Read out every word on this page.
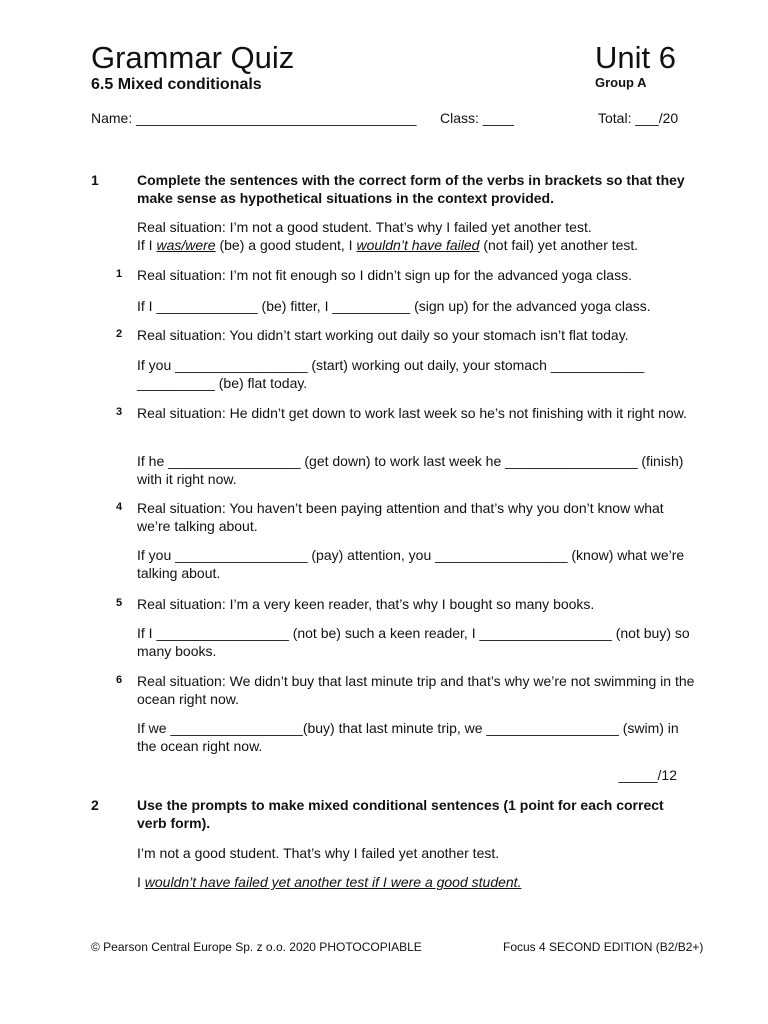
Grammar Quiz	Unit 6
6.5 Mixed conditionals	Group A
Name: ____________________________________ Class: ____	Total: ___/20
1	Complete the sentences with the correct form of the verbs in brackets so that they make sense as hypothetical situations in the context provided.
Real situation: I’m not a good student. That’s why I failed yet another test.
If I was/were (be) a good student, I wouldn’t have failed (not fail) yet another test.
1 Real situation: I’m not fit enough so I didn’t sign up for the advanced yoga class.
If I _____________ (be) fitter, I __________ (sign up) for the advanced yoga class.
2 Real situation: You didn’t start working out daily so your stomach isn’t flat today.
If you _________________ (start) working out daily, your stomach ____________ __________ (be) flat today.
3 Real situation: He didn’t get down to work last week so he’s not finishing with it right now.
If he _________________ (get down) to work last week he _________________ (finish) with it right now.
4 Real situation: You haven’t been paying attention and that’s why you don’t know what we’re talking about.
If you _________________ (pay) attention, you _________________ (know) what we’re talking about.
5 Real situation: I’m a very keen reader, that’s why I bought so many books.
If I _________________ (not be) such a keen reader, I _________________ (not buy) so many books.
6 Real situation: We didn’t buy that last minute trip and that’s why we’re not swimming in the ocean right now.
If we _________________(buy) that last minute trip, we _________________ (swim) in the ocean right now.
_____/12
2	Use the prompts to make mixed conditional sentences (1 point for each correct verb form).
I’m not a good student. That’s why I failed yet another test.
I wouldn’t have failed yet another test if I were a good student.
© Pearson Central Europe Sp. z o.o. 2020 PHOTOCOPIABLE	Focus 4 SECOND EDITION (B2/B2+)
